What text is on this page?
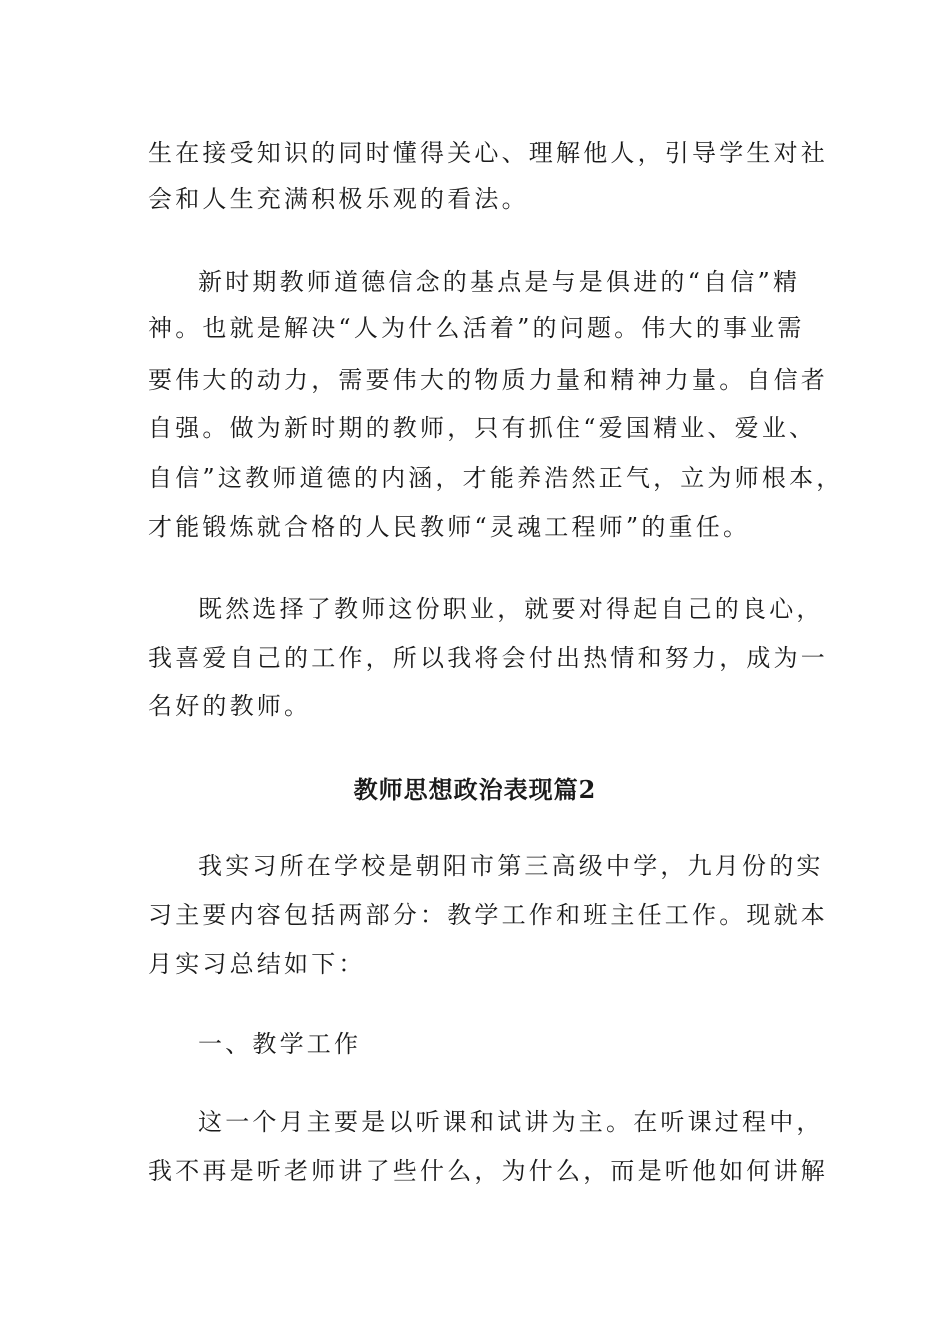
生在接受知识的同时懂得关心、理解他人，引导学生对社
会和人生充满积极乐观的看法。
新时期教师道德信念的基点是与是俱进的“自信”精
神。也就是解决“人为什么活着”的问题。伟大的事业需
要伟大的动力，需要伟大的物质力量和精神力量。自信者
自强。做为新时期的教师，只有抓住“爱国精业、爱业、
自信”这教师道德的内涵，才能养浩然正气，立为师根本，
才能锻炼就合格的人民教师“灵魂工程师”的重任。
既然选择了教师这份职业，就要对得起自己的良心，
我喜爱自己的工作，所以我将会付出热情和努力，成为一
名好的教师。
教师思想政治表现篇2
我实习所在学校是朝阳市第三高级中学，九月份的实
习主要内容包括两部分：教学工作和班主任工作。现就本
月实习总结如下：
一、教学工作
这一个月主要是以听课和试讲为主。在听课过程中，
我不再是听老师讲了些什么，为什么，而是听他如何讲解
